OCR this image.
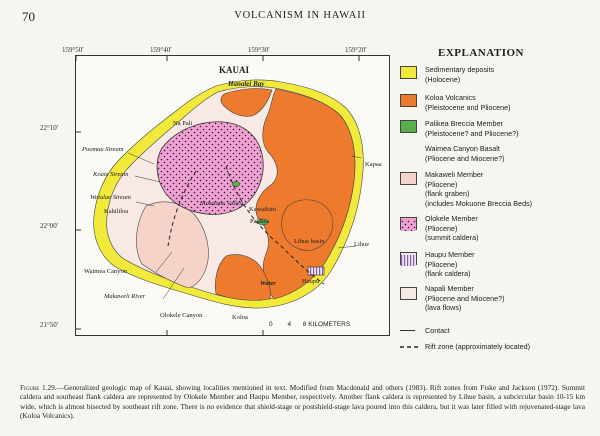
70	VOLCANISM IN HAWAII
159°50'	159°40'	159°30'	159°20'
22°10'
22°00'
21°50'
KAUAI
Hanalei Bay
Na Pali
Poomau Stream
Koaie Stream
Waialae Stream
Kahililoa
Mokuone Valley
Kawaikini
Palikea
Lihue basin	Lihue
Kapaa
Waimea Canyon
Makaweli River
Olokele Canyon	Koloa
Haupu
Water
0 4 8 KILOMETERS
EXPLANATION
Sedimentary deposits
(Holocene)
Koloa Volcanics
(Pleistocene and Pliocene)
Palikea Breccia Member
(Pleistocene? and Pliocene?)
Waimea Canyon Basalt
(Pliocene and Miocene?)
Makaweli Member
(Pliocene)
(flank graben)
(includes Mokuone Breccia Beds)
Olokele Member
(Pliocene)
(summit caldera)
Haupu Member
(Pliocene)
(flank caldera)
Napali Member
(Pliocene and Miocene?)
(lava flows)
Contact
Rift zone (approximately located)
Figure 1.29.—Generalized geologic map of Kauai, showing localities mentioned in text. Modified from Macdonald and others (1983). Rift zones from Fiske and Jackson (1972). Summit caldera and southeast flank caldera are represented by Olokele Member and Haupu Member, respectively. Another flank caldera is represented by Lihue basin, a subcircular basin 10-15 km wide, which is almost bisected by southeast rift zone. There is no evidence that shield-stage or postshield-stage lava poured into this caldera, but it was later filled with rejuvenated-stage lava (Koloa Volcanics).
